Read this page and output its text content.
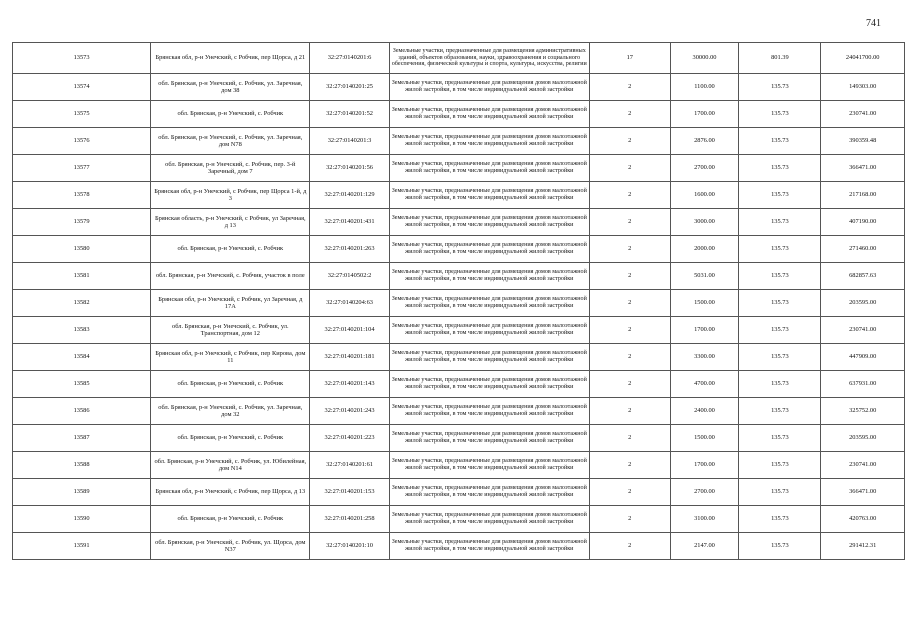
741
13573	Брянская обл, р-н Унечский, с Робчик, пер Щорса, д 21	32:27:0140201:6	Земельные участки, предназначенные для размещения административных зданий, объектов образования, науки, здравоохранения и социального обеспечения, физической культуры и спорта, культуры, искусства, религии	17	30000.00	801.39	24041700.00
13574	обл. Брянская, р-н Унечский, с. Робчик, ул. Заречная, дом 38	32:27:0140201:25	Земельные участки, предназначенные для размещения домов малоэтажной жилой застройки, в том числе индивидуальной жилой застройки	2	1100.00	135.73	149303.00
13575	обл. Брянская, р-н Унечский, с. Робчик	32:27:0140201:52	Земельные участки, предназначенные для размещения домов малоэтажной жилой застройки, в том числе индивидуальной жилой застройки	2	1700.00	135.73	230741.00
13576	обл. Брянская, р-н Унечский, с. Робчик, ул. Заречная, дом N78	32:27:0140201:3	Земельные участки, предназначенные для размещения домов малоэтажной жилой застройки, в том числе индивидуальной жилой застройки	2	2876.00	135.73	390359.48
13577	обл. Брянская, р-н Унечский, с. Робчик, пер. 3-й Заречный, дом 7	32:27:0140201:56	Земельные участки, предназначенные для размещения домов малоэтажной жилой застройки, в том числе индивидуальной жилой застройки	2	2700.00	135.73	366471.00
13578	Брянская обл, р-н Унечский, с Робчик, пер Щорса 1-й, д 3	32:27:0140201:129	Земельные участки, предназначенные для размещения домов малоэтажной жилой застройки, в том числе индивидуальной жилой застройки	2	1600.00	135.73	217168.00
13579	Брянская область, р-н Унечский, с Робчик, ул Заречная, д 13	32:27:0140201:431	Земельные участки, предназначенные для размещения домов малоэтажной жилой застройки, в том числе индивидуальной жилой застройки	2	3000.00	135.73	407190.00
13580	обл. Брянская, р-н Унечский, с. Робчик	32:27:0140201:263	Земельные участки, предназначенные для размещения домов малоэтажной жилой застройки, в том числе индивидуальной жилой застройки	2	2000.00	135.73	271460.00
13581	обл. Брянская, р-н Унечский, с. Робчик, участок в поле	32:27:0140502:2	Земельные участки, предназначенные для размещения домов малоэтажной жилой застройки, в том числе индивидуальной жилой застройки	2	5031.00	135.73	682857.63
13582	Брянская обл, р-н Унечский, с Робчик, ул Заречная, д 17А	32:27:0140204:63	Земельные участки, предназначенные для размещения домов малоэтажной жилой застройки, в том числе индивидуальной жилой застройки	2	1500.00	135.73	203595.00
13583	обл. Брянская, р-н Унечский, с. Робчик, ул. Транспортная, дом 12	32:27:0140201:104	Земельные участки, предназначенные для размещения домов малоэтажной жилой застройки, в том числе индивидуальной жилой застройки	2	1700.00	135.73	230741.00
13584	Брянская обл, р-н Унечский, с Робчик, пер Кирова, дом 11	32:27:0140201:181	Земельные участки, предназначенные для размещения домов малоэтажной жилой застройки, в том числе индивидуальной жилой застройки	2	3300.00	135.73	447909.00
13585	обл. Брянская, р-н Унечский, с. Робчик	32:27:0140201:143	Земельные участки, предназначенные для размещения домов малоэтажной жилой застройки, в том числе индивидуальной жилой застройки	2	4700.00	135.73	637931.00
13586	обл. Брянская, р-н Унечский, с. Робчик, ул. Заречная, дом 32	32:27:0140201:243	Земельные участки, предназначенные для размещения домов малоэтажной жилой застройки, в том числе индивидуальной жилой застройки	2	2400.00	135.73	325752.00
13587	обл. Брянская, р-н Унечский, с. Робчик	32:27:0140201:223	Земельные участки, предназначенные для размещения домов малоэтажной жилой застройки, в том числе индивидуальной жилой застройки	2	1500.00	135.73	203595.00
13588	обл. Брянская, р-н Унечский, с. Робчик, ул. Юбилейная, дом N14	32:27:0140201:61	Земельные участки, предназначенные для размещения домов малоэтажной жилой застройки, в том числе индивидуальной жилой застройки	2	1700.00	135.73	230741.00
13589	Брянская обл, р-н Унечский, с Робчик, пер Щорса, д 13	32:27:0140201:153	Земельные участки, предназначенные для размещения домов малоэтажной жилой застройки, в том числе индивидуальной жилой застройки	2	2700.00	135.73	366471.00
13590	обл. Брянская, р-н Унечский, с. Робчик	32:27:0140201:258	Земельные участки, предназначенные для размещения домов малоэтажной жилой застройки, в том числе индивидуальной жилой застройки	2	3100.00	135.73	420763.00
13591	обл. Брянская, р-н Унечский, с. Робчик, ул. Щорса, дом N37	32:27:0140201:10	Земельные участки, предназначенные для размещения домов малоэтажной жилой застройки, в том числе индивидуальной жилой застройки	2	2147.00	135.73	291412.31
